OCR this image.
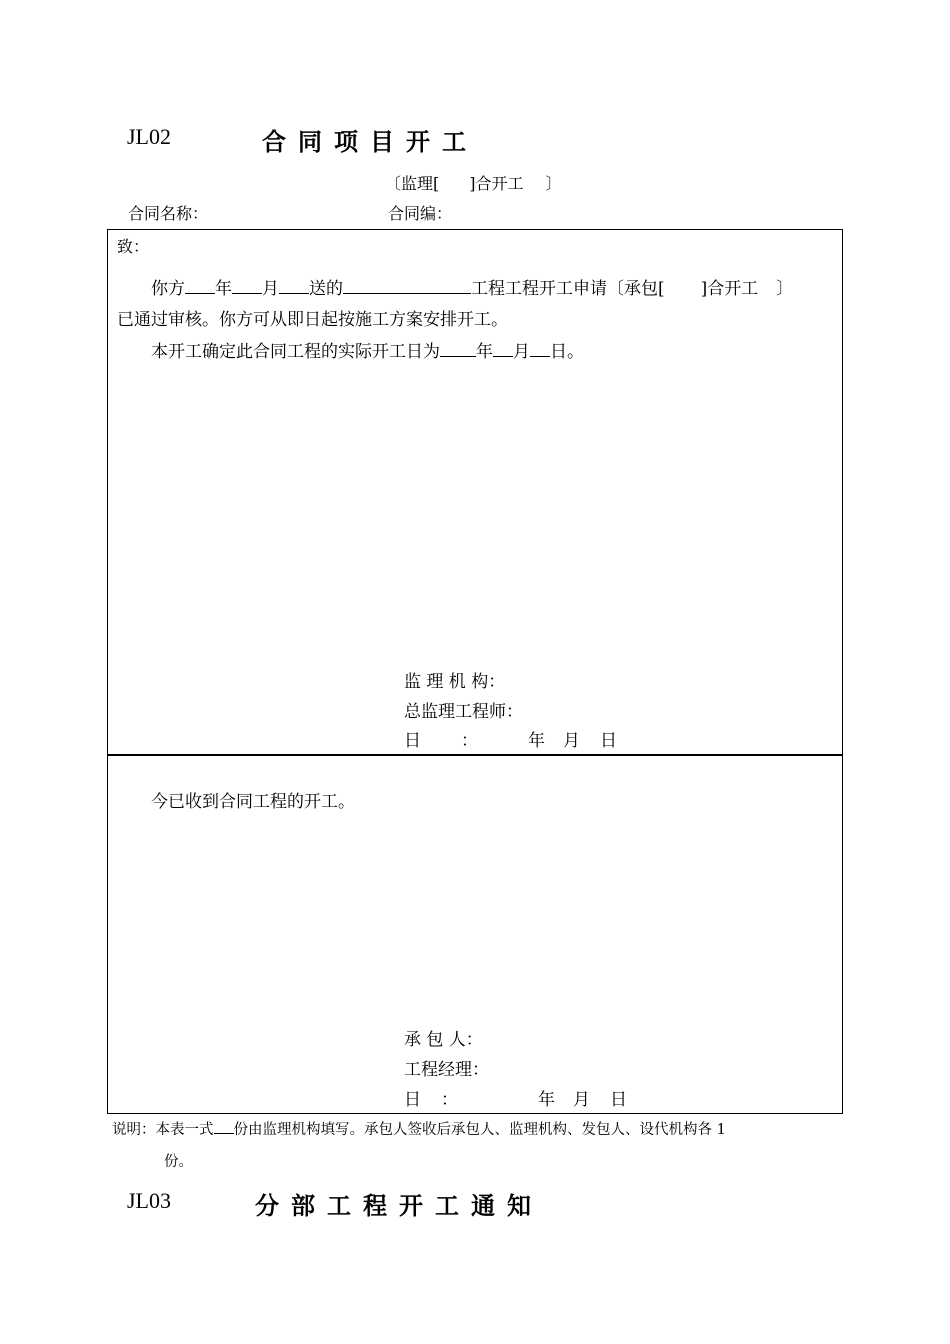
JL02	合同项目开工
〔监理[ ]合开工 〕
合同名称：	合同编：
致：
你方 年 月 送的	工程工程开工申请〔承包[ ]合开工 〕
已通过审核。你方可从即日起按施工方案安排开工。
本开工确定此合同工程的实际开工日为 年 月 日。
监 理 机 构：
总监理工程师：
日 ：	年 月 日
今已收到合同工程的开工。
承 包 人：
工程经理：
日 ：	年 月 日
说明：本表一式 份由监理机构填写。承包人签收后承包人、监理机构、发包人、设代机构各 1
份。
JL03	分部工程开工通知
